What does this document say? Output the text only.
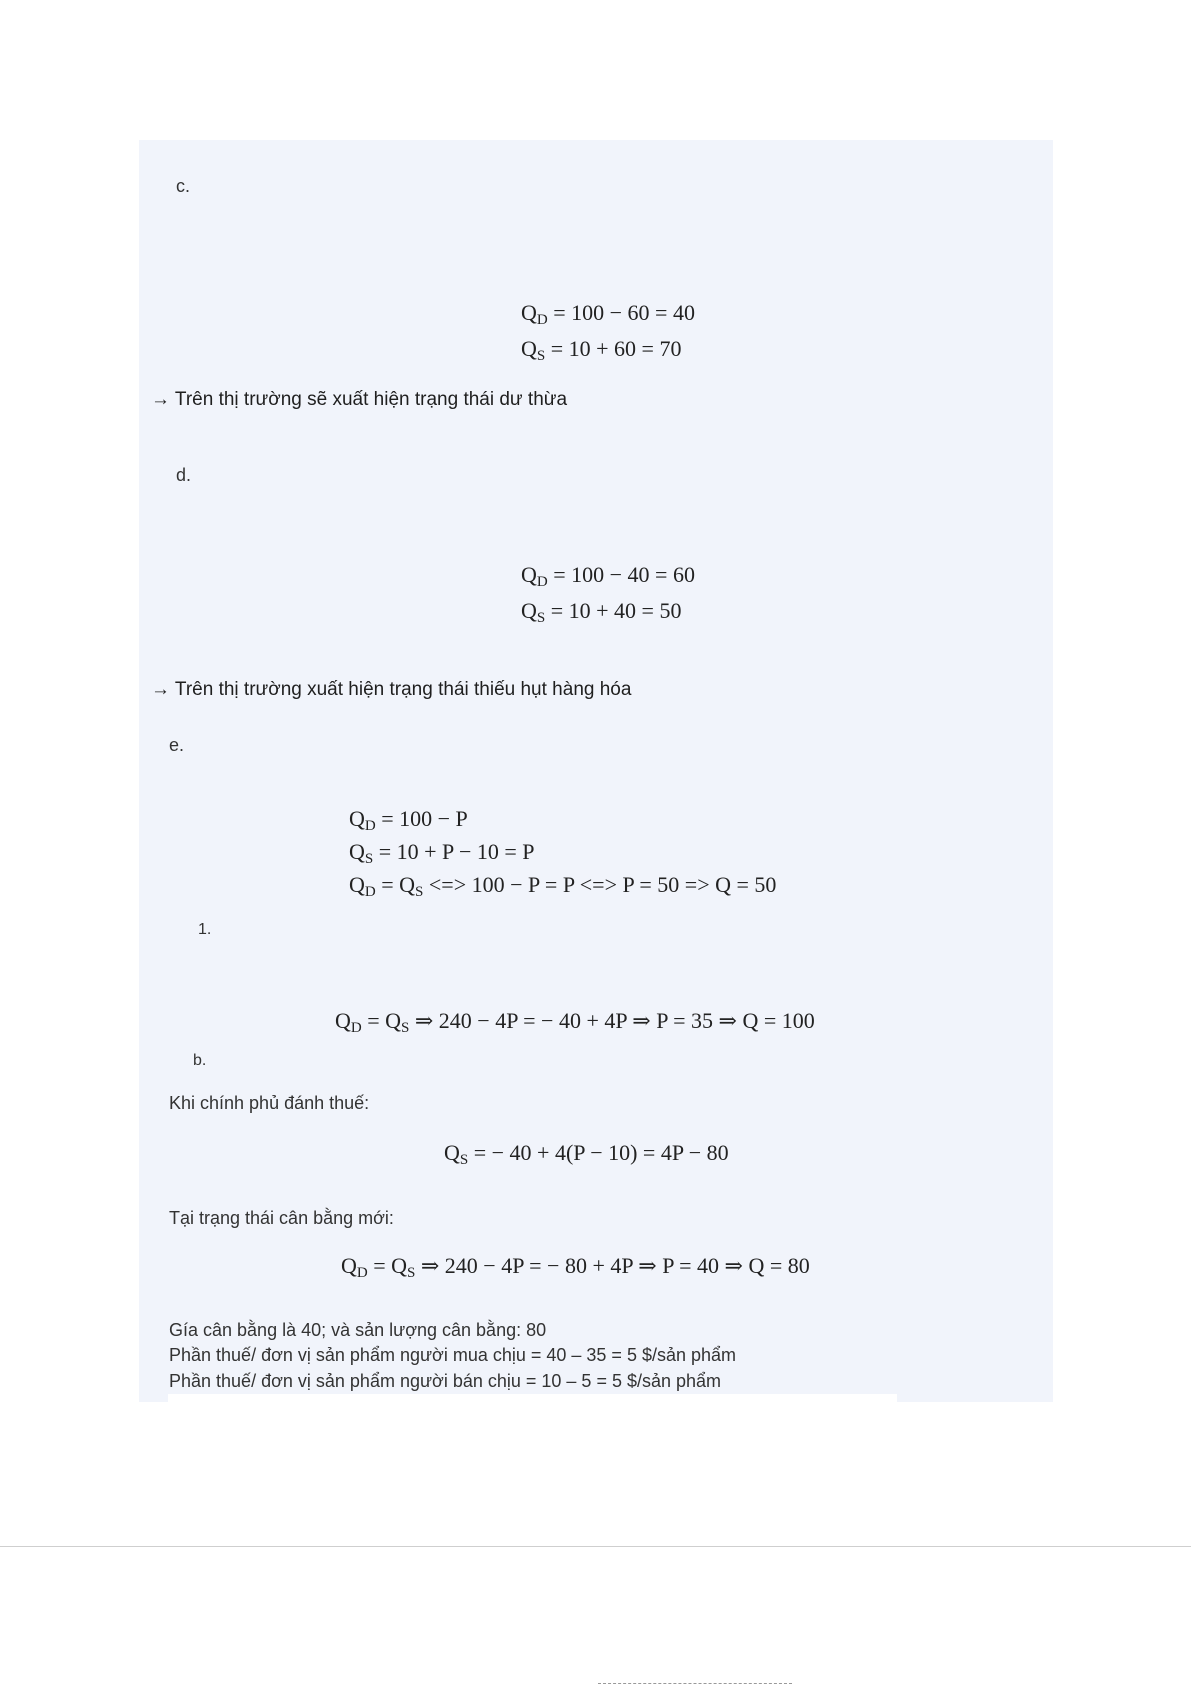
c.
$Q_D = 100 - 60 = 40$
$Q_S = 10 + 60 = 70$
→ Trên thị trường sẽ xuất hiện trạng thái dư thừa
d.
$Q_D = 100 - 40 = 60$
$Q_S = 10 + 40 = 50$
→ Trên thị trường xuất hiện trạng thái thiếu hụt hàng hóa
e.
$Q_D = 100 - P$
$Q_S = 10 + P - 10 = P$
$Q_D = Q_S$ <=> 100 − P = P <=> P = 50 => Q = 50
1.
$Q_D = Q_S$ ⇒ 240 − 4P = − 40 + 4P ⇒ P = 35 ⇒ Q = 100
b.
Khi chính phủ đánh thuế:
$Q_S$ = − 40 + 4(P − 10) = 4P − 80
Tại trạng thái cân bằng mới:
$Q_D = Q_S$ ⇒ 240 − 4P = − 80 + 4P ⇒ P = 40 ⇒ Q = 80
Gía cân bằng là 40; và sản lượng cân bằng: 80
Phần thuế/ đơn vị sản phẩm người mua chịu = 40 – 35 = 5 $/sản phẩm
Phần thuế/ đơn vị sản phẩm người bán chịu = 10 – 5 = 5 $/sản phẩm
